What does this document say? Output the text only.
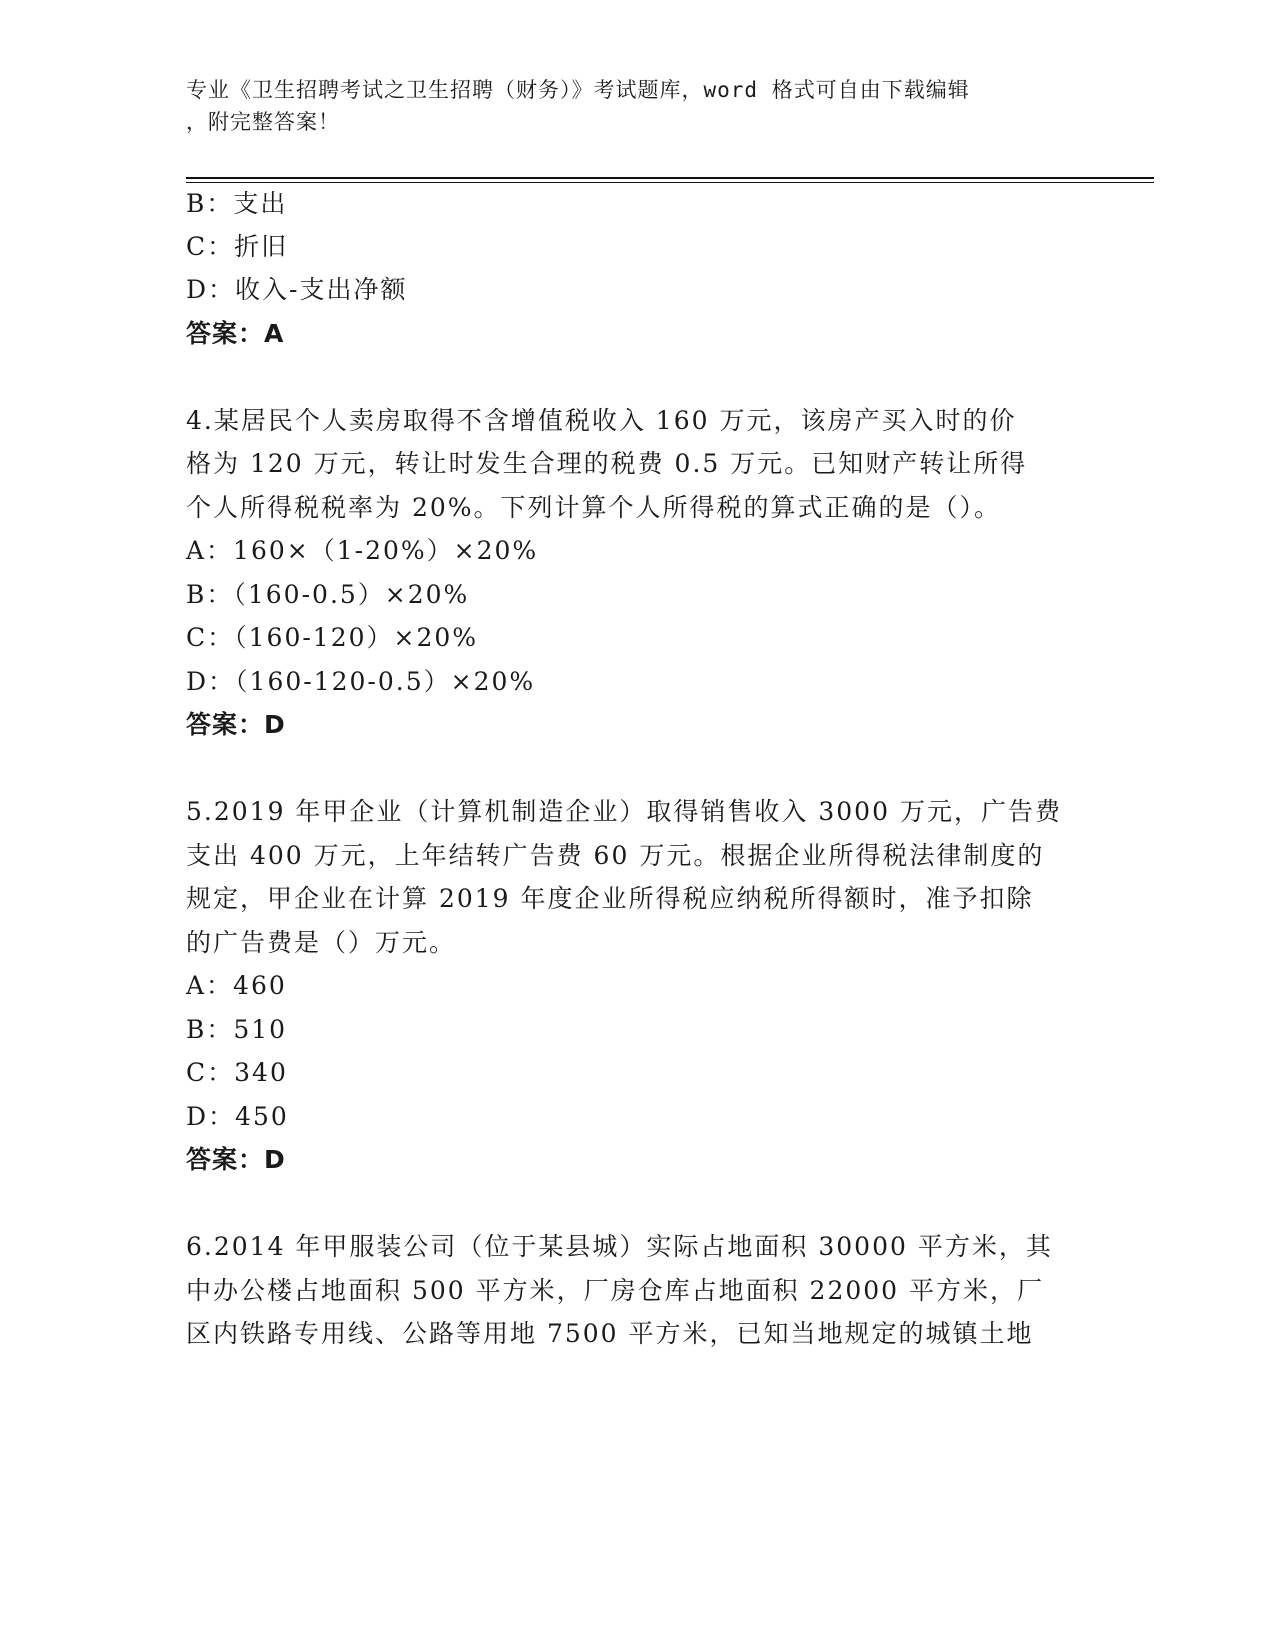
专业《卫生招聘考试之卫生招聘（财务）》考试题库，word 格式可自由下载编辑
，附完整答案！
B：支出
C：折旧
D：收入-支出净额
答案：A
4.某居民个人卖房取得不含增值税收入 160 万元，该房产买入时的价
格为 120 万元，转让时发生合理的税费 0.5 万元。已知财产转让所得
个人所得税税率为 20%。下列计算个人所得税的算式正确的是（）。
A：160×（1-20%）×20%
B：（160-0.5）×20%
C：（160-120）×20%
D：（160-120-0.5）×20%
答案：D
5.2019 年甲企业（计算机制造企业）取得销售收入 3000 万元，广告费
支出 400 万元，上年结转广告费 60 万元。根据企业所得税法律制度的
规定，甲企业在计算 2019 年度企业所得税应纳税所得额时，准予扣除
的广告费是（）万元。
A：460
B：510
C：340
D：450
答案：D
6.2014 年甲服装公司（位于某县城）实际占地面积 30000 平方米，其
中办公楼占地面积 500 平方米，厂房仓库占地面积 22000 平方米，厂
区内铁路专用线、公路等用地 7500 平方米，已知当地规定的城镇土地
